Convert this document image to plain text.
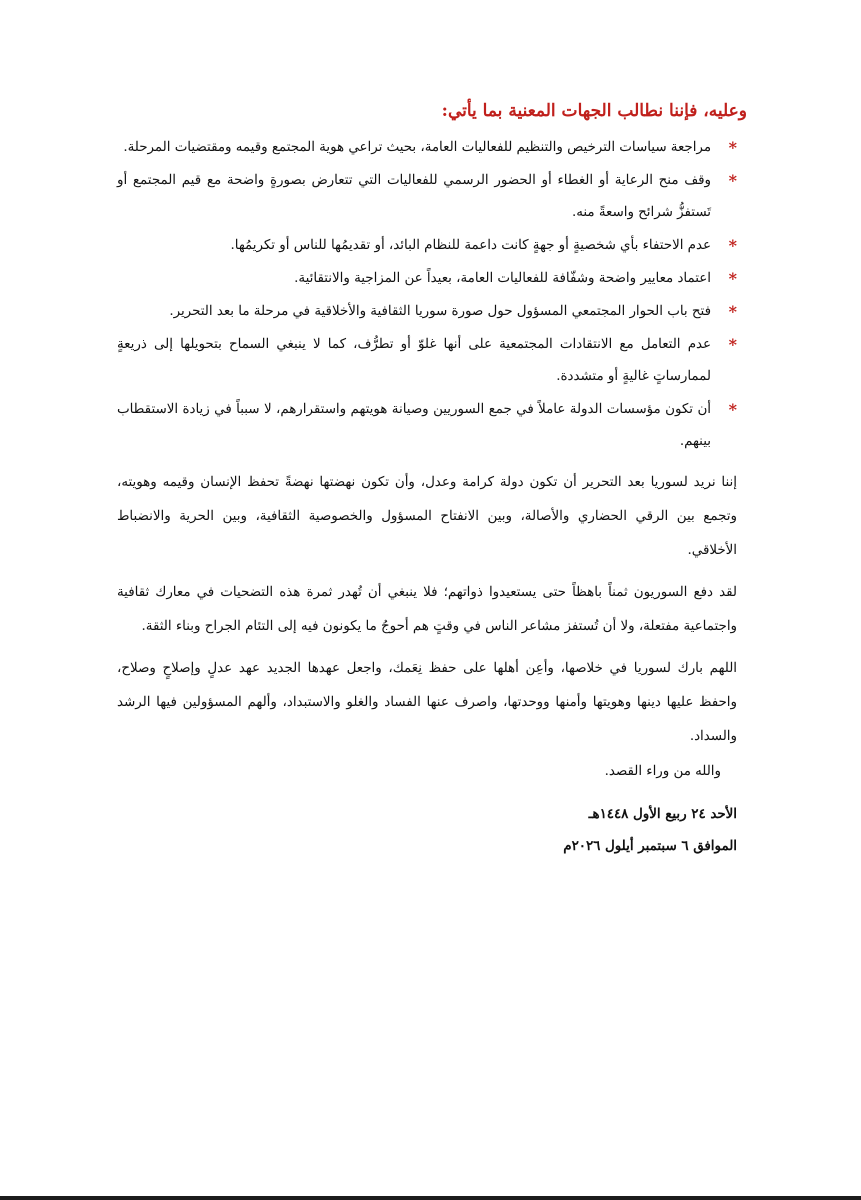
وعليه، فإننا نطالب الجهات المعنية بما يأتي:
*
مراجعة سياسات الترخيص والتنظيم للفعاليات العامة، بحيث تراعي هوية المجتمع وقيمه ومقتضيات المرحلة.
*
وقف منح الرعاية أو الغطاء أو الحضور الرسمي للفعاليات التي تتعارض بصورةٍ واضحة مع قيم المجتمع أو تَستفزُّ شرائح واسعةً منه.
*
عدم الاحتفاء بأي شخصيةٍ أو جهةٍ كانت داعمة للنظام البائد، أو تقديمُها للناس أو تكريمُها.
*
اعتماد معايير واضحة وشفّافة للفعاليات العامة، بعيداً عن المزاجية والانتقائية.
*
فتح باب الحوار المجتمعي المسؤول حول صورة سوريا الثقافية والأخلاقية في مرحلة ما بعد التحرير.
*
عدم التعامل مع الانتقادات المجتمعية على أنها غلوّ أو تطرُّف، كما لا ينبغي السماح بتحويلها إلى ذريعةٍ لممارساتٍ غاليةٍ أو متشددة.
*
أن تكون مؤسسات الدولة عاملاً في جمع السوريين وصيانة هويتهم واستقرارهم، لا سبباً في زيادة الاستقطاب بينهم.

إننا نريد لسوريا بعد التحرير أن تكون دولة كرامة وعدل، وأن تكون نهضتها نهضةً تحفظ الإنسان وقيمه وهويته، وتجمع بين الرقي الحضاري والأصالة، وبين الانفتاح المسؤول والخصوصية الثقافية، وبين الحرية والانضباط الأخلاقي.

لقد دفع السوريون ثمناً باهظاً حتى يستعيدوا ذواتهم؛ فلا ينبغي أن تُهدر ثمرة هذه التضحيات في معارك ثقافية واجتماعية مفتعلة، ولا أن تُستفز مشاعر الناس في وقتٍ هم أحوجُ ما يكونون فيه إلى التئام الجراح وبناء الثقة.

اللهم بارك لسوريا في خلاصها، وأعِن أهلها على حفظ نِعَمك، واجعل عهدها الجديد عهد عدلٍ وإصلاحٍ وصلاح، واحفظ عليها دينها وهويتها وأمنها ووحدتها، واصرف عنها الفساد والغلو والاستبداد، وألهم المسؤولين فيها الرشد والسداد.

والله من وراء القصد.

الأحد ٢٤ ربيع الأول ١٤٤٨هـ

الموافق ٦ سبتمبر أيلول ٢٠٢٦م
